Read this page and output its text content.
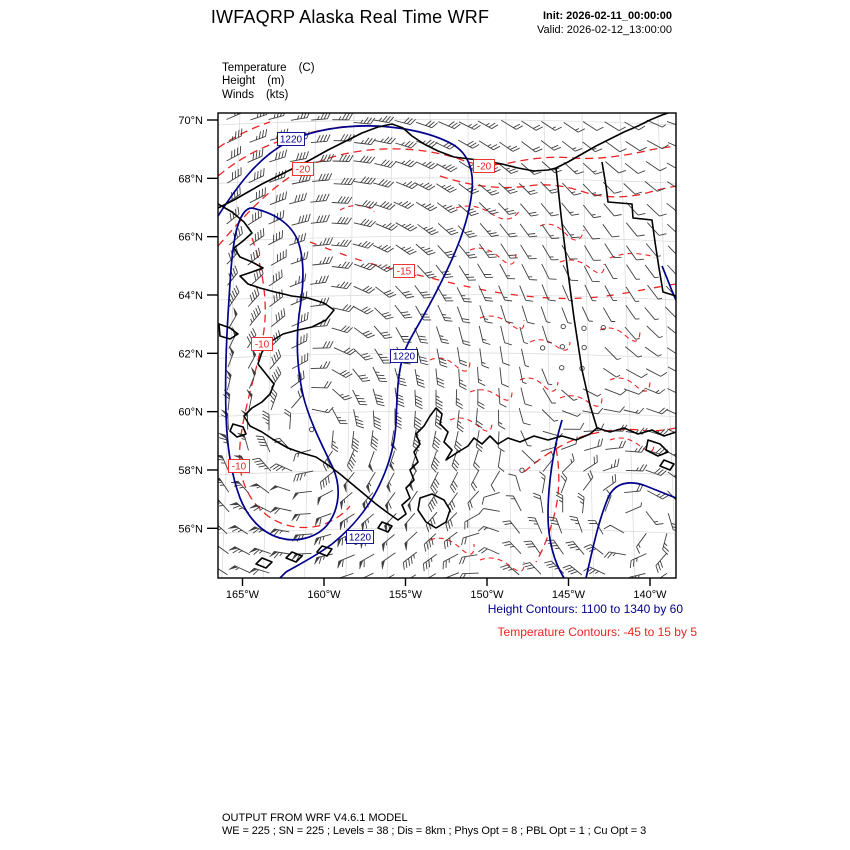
IWFAQRP Alaska Real Time WRF	Init: 2026-02-11_00:00:00
Valid: 2026-02-12_13:00:00
Temperature (C)
Height (m)
Winds (kts)
-20	-20
-15
-10
-10
1220
1220
1220
70°N
68°N
66°N
64°N
62°N
60°N
58°N
56°N
165°W	160°W	155°W	150°W	145°W	140°W
Height Contours: 1100 to 1340 by 60
Temperature Contours: -45 to 15 by 5
OUTPUT FROM WRF V4.6.1 MODEL
WE = 225 ; SN = 225 ; Levels = 38 ; Dis = 8km ; Phys Opt = 8 ; PBL Opt = 1 ; Cu Opt = 3
